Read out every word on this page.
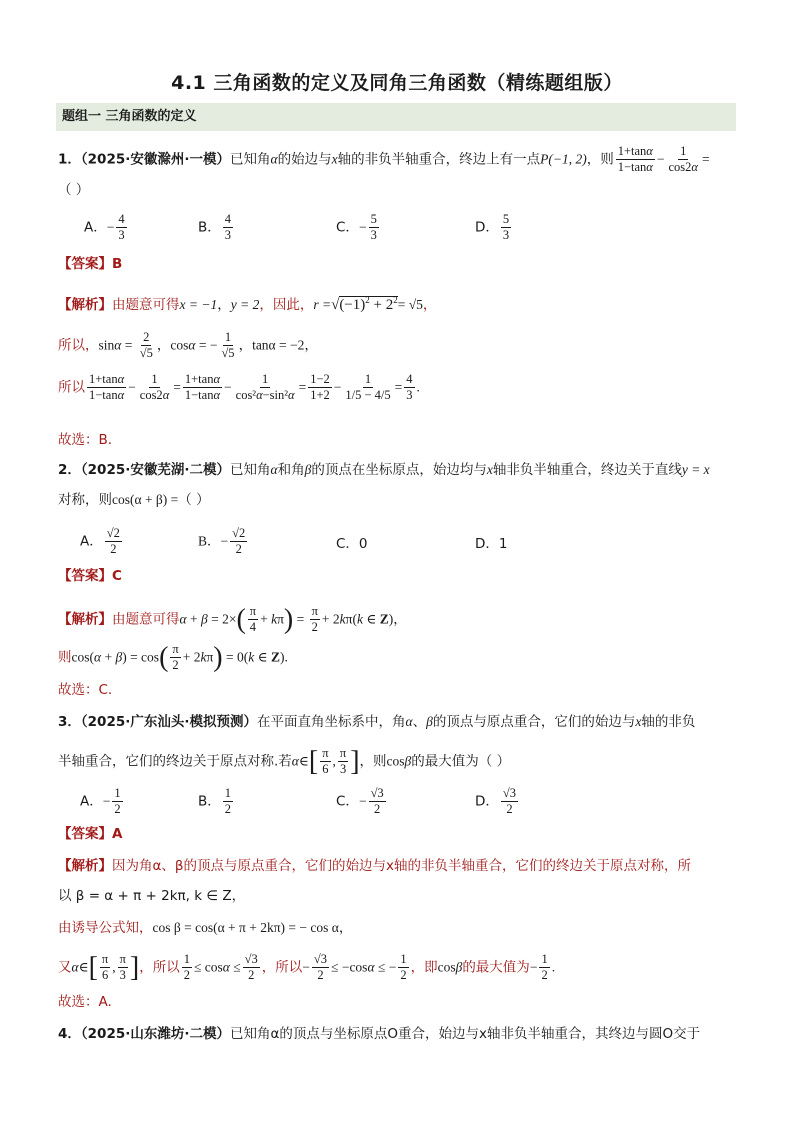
4.1 三角函数的定义及同角三角函数（精练题组版）
题组一 三角函数的定义
1．（2025·安徽滁州·一模）已知角α的始边与x轴的非负半轴重合，终边上有一点P(−1, 2)，则 $\frac{1+\tan\alpha}{1-\tan\alpha} - \frac{1}{\cos 2\alpha}$ =
（ ）
A．− $\frac{4}{3}$	B． $\frac{4}{3}$	C．− $\frac{5}{3}$	D． $\frac{5}{3}$
【答案】B
【解析】由题意可得x = −1，y = 2，因此，$r =√(-1)^2 + 2^2= √5$，
所以，$\sin\alpha = \frac{2}{√5}$ ，cosα = − $\frac{1}{√5}$ ，tanα = −2，
所以 $\frac{1+\tan\alpha}{1-\tan\alpha} - \frac{1}{\cos 2\alpha} = \frac{1+\tan\alpha}{1-\tan\alpha} - \frac{1}{\text{cos²α−sin²α}} = \frac{1-2}{1+2} - \frac{1}{1/5 - 4/5} = \frac{4}{3}$ .
故选：B.
2．（2025·安徽芜湖·二模）已知角α和角β的顶点在坐标原点，始边均与x轴非负半轴重合，终边关于直线y = x
对称，则cos(α + β) =（ ）
A． $\frac{√2}{2}$	B．− $\frac{√2}{2}$	C．0	D．1
【答案】C
【解析】由题意可得$\alpha + \beta = 2\times( \frac{\pi}{4} + k\pi) = \frac{\pi}{2} + 2k\pi(k$ ∈ Z)，
则$\cos(\alpha + \beta) = \cos( \frac{\pi}{2} + 2k\pi) = 0(k$ ∈ Z).
故选：C.
3．（2025·广东汕头·模拟预测）在平面直角坐标系中，角α、β的顶点与原点重合，它们的始边与x轴的非负
半轴重合，它们的终边关于原点对称.若α∈[ $\frac{\pi}{6}$ , $\frac{\pi}{3}$ ]，则cosβ的最大值为（ ）
A．− $\frac{1}{2}$	B． $\frac{1}{2}$	C．− $\frac{√3}{2}$	D． $\frac{√3}{2}$
【答案】A
【解析】因为角α、β的顶点与原点重合，它们的始边与x轴的非负半轴重合，它们的终边关于原点对称，所
以 β = α + π + 2kπ, k ∈ Z，
由诱导公式知，cos β = cos(α + π + 2kπ) = − cos α，
又α∈[ $\frac{\pi}{6}$ , $\frac{\pi}{3}$ ]，所以 $\frac{1}{2} \le \cos\alpha \le \frac{√3}{2}$ ，所以− $\frac{√3}{2} \le -\cos\alpha$ ≤ − $\frac{1}{2}$ ，即cosβ的最大值为− $\frac{1}{2}$ .
故选：A.
4．（2025·山东潍坊·二模）已知角α的顶点与坐标原点O重合，始边与x轴非负半轴重合，其终边与圆O交于
